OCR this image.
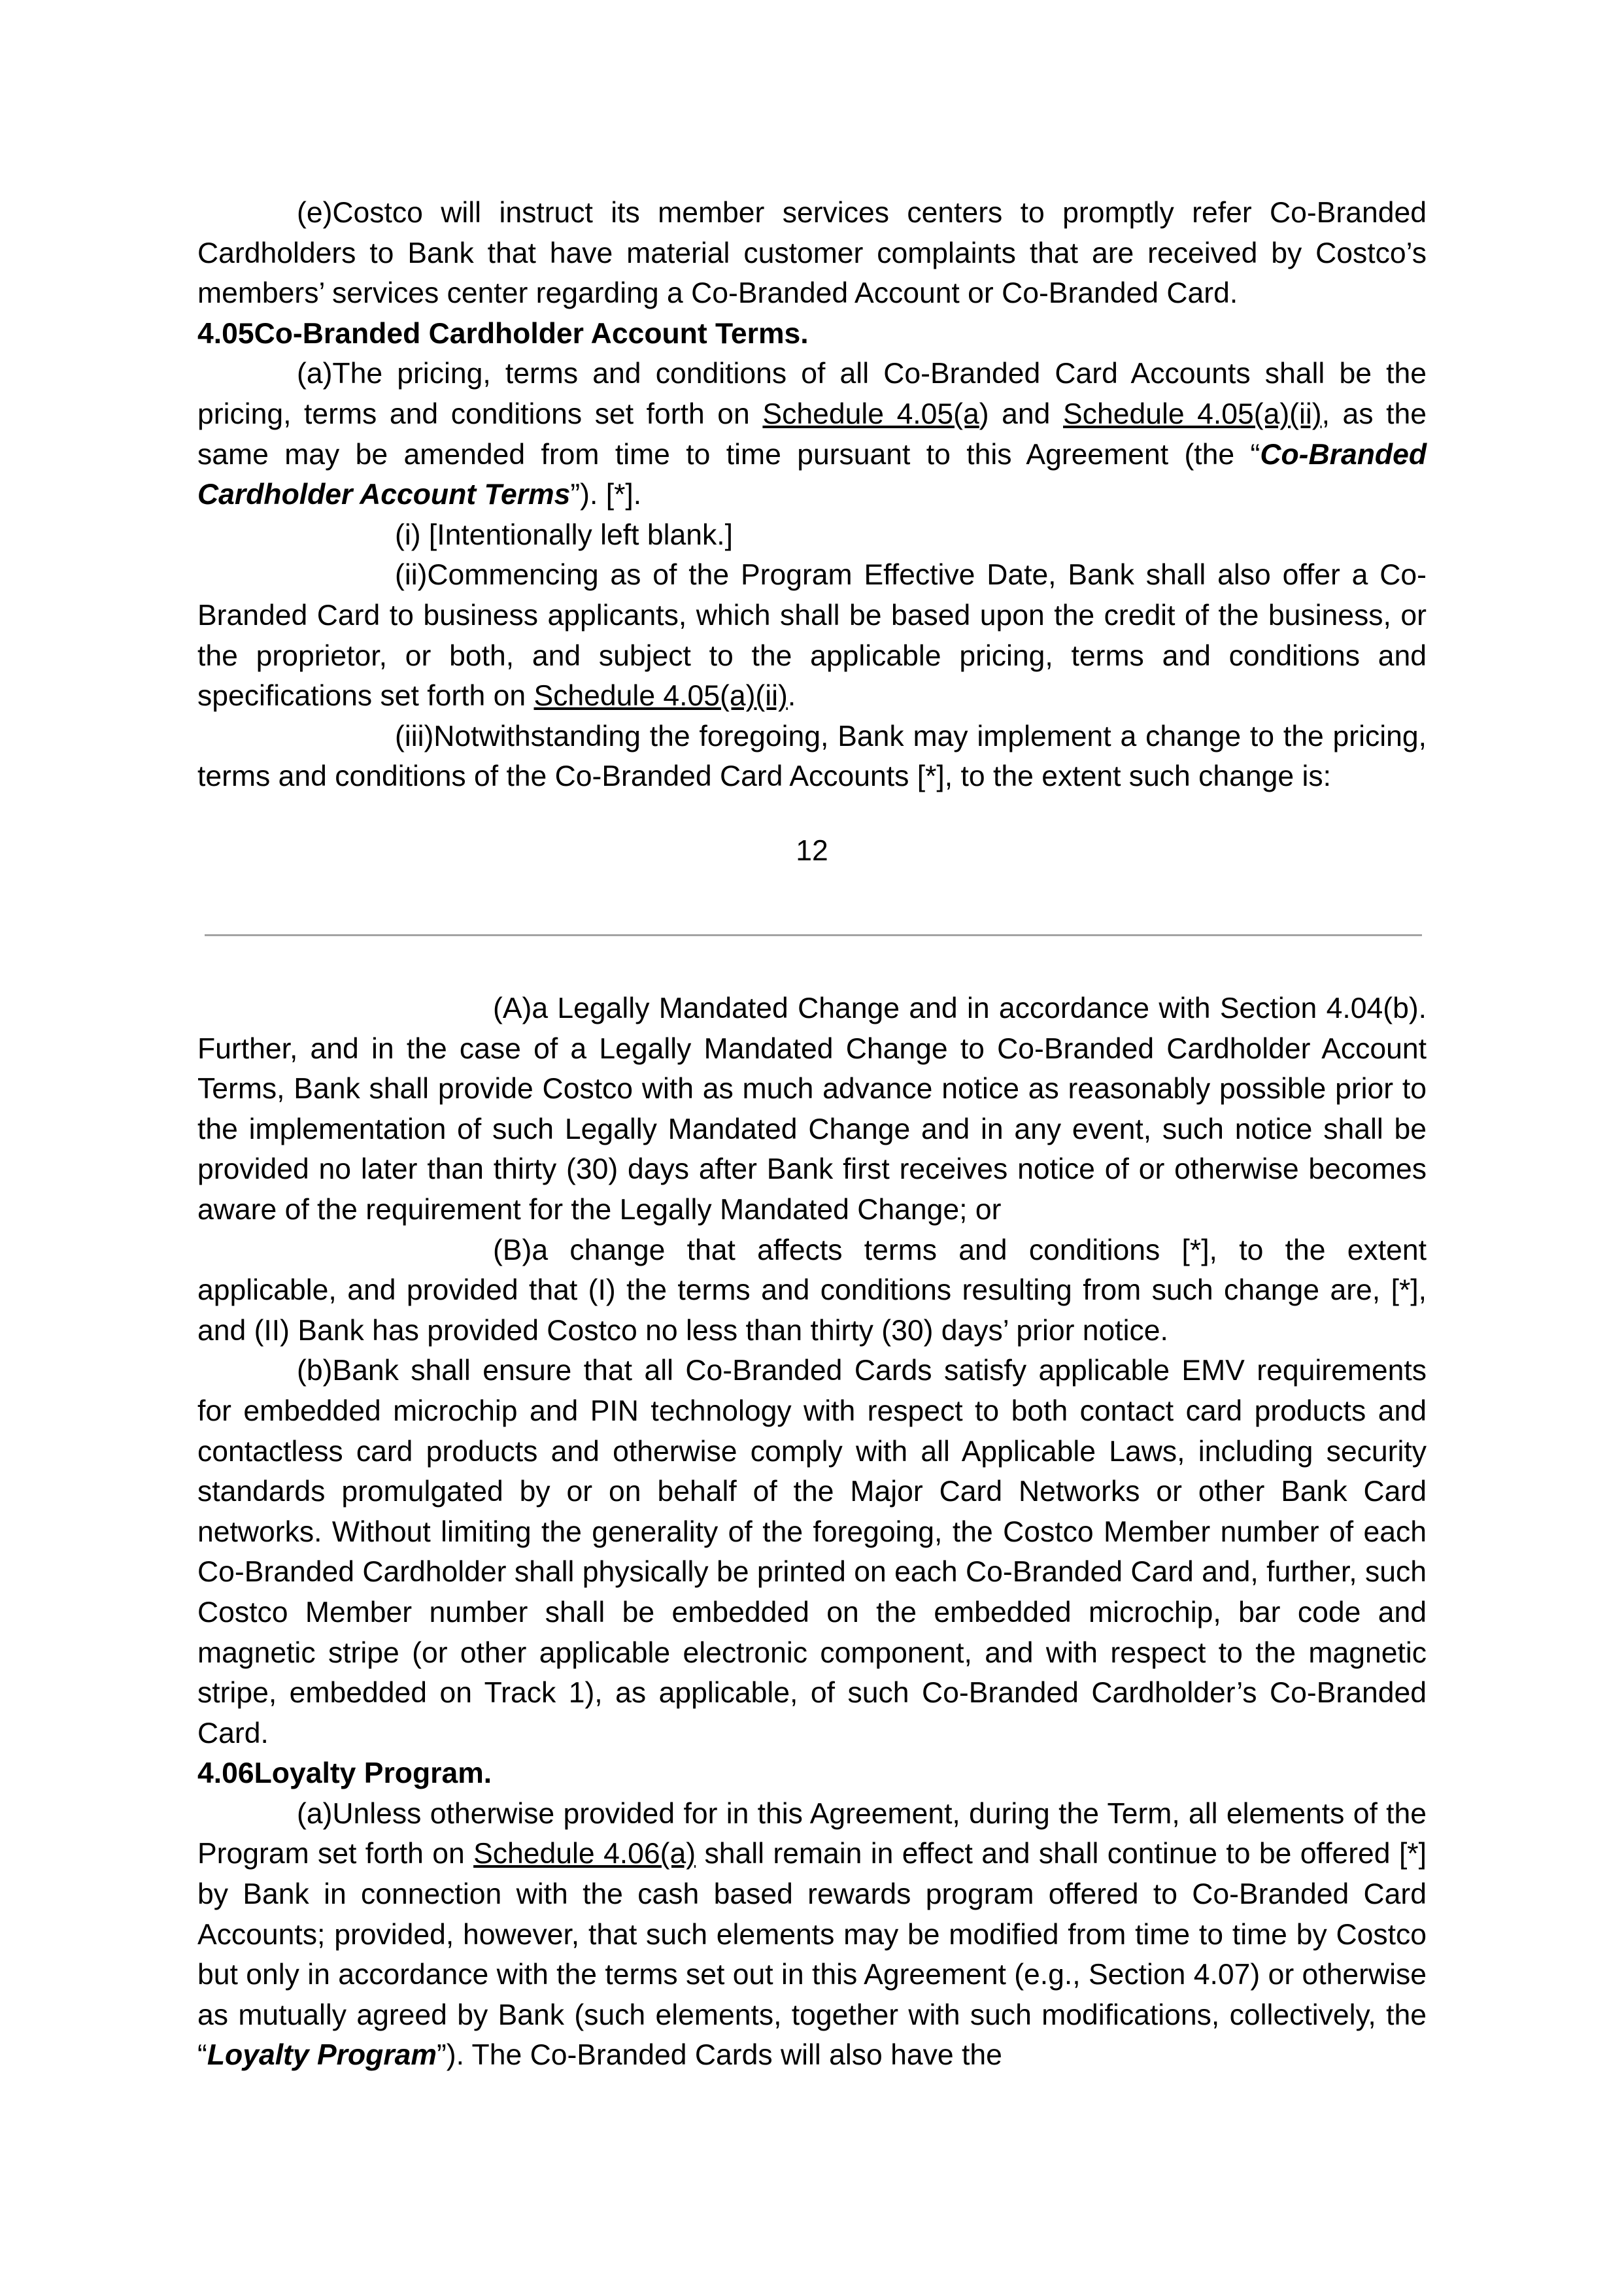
(e)Costco will instruct its member services centers to promptly refer Co-Branded Cardholders to Bank that have material customer complaints that are received by Costco’s members’ services center regarding a Co-Branded Account or Co-Branded Card.

4.05Co-Branded Cardholder Account Terms.

(a)The pricing, terms and conditions of all Co-Branded Card Accounts shall be the pricing, terms and conditions set forth on Schedule 4.05(a) and Schedule 4.05(a)(ii), as the same may be amended from time to time pursuant to this Agreement (the “Co-Branded Cardholder Account Terms”). [*].

(i) [Intentionally left blank.]

(ii)Commencing as of the Program Effective Date, Bank shall also offer a Co-Branded Card to business applicants, which shall be based upon the credit of the business, or the proprietor, or both, and subject to the applicable pricing, terms and conditions and specifications set forth on Schedule 4.05(a)(ii).

(iii)Notwithstanding the foregoing, Bank may implement a change to the pricing, terms and conditions of the Co-Branded Card Accounts [*], to the extent such change is:

12

(A)a Legally Mandated Change and in accordance with Section 4.04(b). Further, and in the case of a Legally Mandated Change to Co-Branded Cardholder Account Terms, Bank shall provide Costco with as much advance notice as reasonably possible prior to the implementation of such Legally Mandated Change and in any event, such notice shall be provided no later than thirty (30) days after Bank first receives notice of or otherwise becomes aware of the requirement for the Legally Mandated Change; or

(B)a change that affects terms and conditions [*], to the extent applicable, and provided that (I) the terms and conditions resulting from such change are, [*], and (II) Bank has provided Costco no less than thirty (30) days’ prior notice.

(b)Bank shall ensure that all Co-Branded Cards satisfy applicable EMV requirements for embedded microchip and PIN technology with respect to both contact card products and contactless card products and otherwise comply with all Applicable Laws, including security standards promulgated by or on behalf of the Major Card Networks or other Bank Card networks. Without limiting the generality of the foregoing, the Costco Member number of each Co-Branded Cardholder shall physically be printed on each Co-Branded Card and, further, such Costco Member number shall be embedded on the embedded microchip, bar code and magnetic stripe (or other applicable electronic component, and with respect to the magnetic stripe, embedded on Track 1), as applicable, of such Co-Branded Cardholder’s Co-Branded Card.

4.06Loyalty Program.

(a)Unless otherwise provided for in this Agreement, during the Term, all elements of the Program set forth on Schedule 4.06(a) shall remain in effect and shall continue to be offered [*] by Bank in connection with the cash based rewards program offered to Co-Branded Card Accounts; provided, however, that such elements may be modified from time to time by Costco but only in accordance with the terms set out in this Agreement (e.g., Section 4.07) or otherwise as mutually agreed by Bank (such elements, together with such modifications, collectively, the “Loyalty Program”). The Co-Branded Cards will also have the
